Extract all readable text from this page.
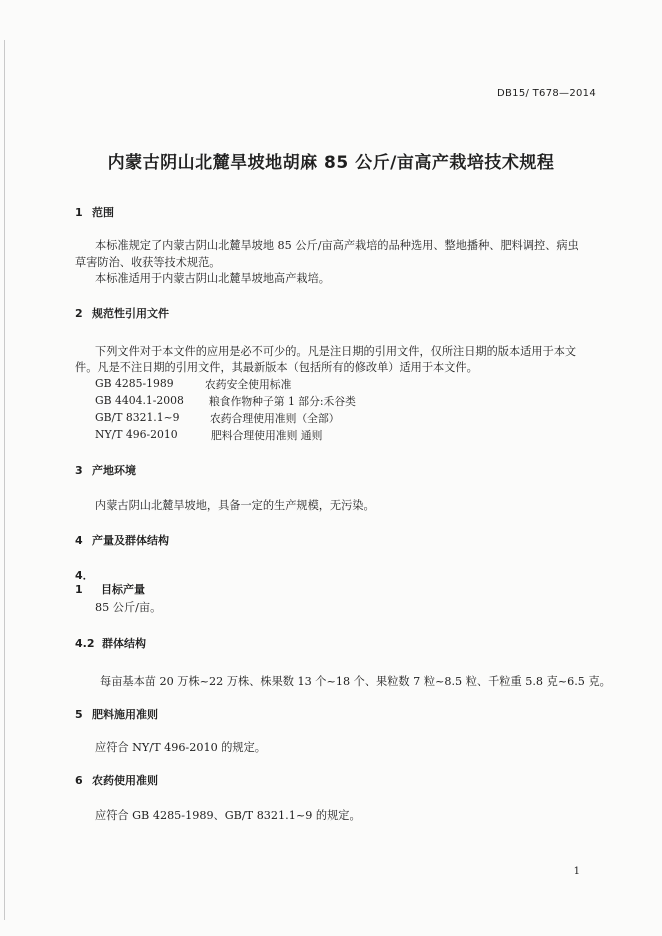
DB15/ T678—2014
内蒙古阴山北麓旱坡地胡麻 85 公斤/亩高产栽培技术规程
1 范围
本标准规定了内蒙古阴山北麓旱坡地 85 公斤/亩高产栽培的品种选用、整地播种、肥料调控、病虫
草害防治、收获等技术规范。
本标准适用于内蒙古阴山北麓旱坡地高产栽培。
2 规范性引用文件
下列文件对于本文件的应用是必不可少的。凡是注日期的引用文件，仅所注日期的版本适用于本文
件。凡是不注日期的引用文件，其最新版本（包括所有的修改单）适用于本文件。
GB 4285-1989	农药安全使用标准
GB 4404.1-2008 粮食作物种子第 1 部分:禾谷类
GB/T 8321.1~9	农药合理使用准则（全部）
NY/T 496-2010	肥料合理使用准则 通则
3 产地环境
内蒙古阴山北麓旱坡地，具备一定的生产规模，无污染。
4 产量及群体结构
4．1 目标产量
85 公斤/亩。
4.2 群体结构
每亩基本苗 20 万株~22 万株、株果数 13 个~18 个、果粒数 7 粒~8.5 粒、千粒重 5.8 克~6.5 克。
5 肥料施用准则
应符合 NY/T 496-2010 的规定。
6 农药使用准则
应符合 GB 4285-1989、GB/T 8321.1~9 的规定。
1
